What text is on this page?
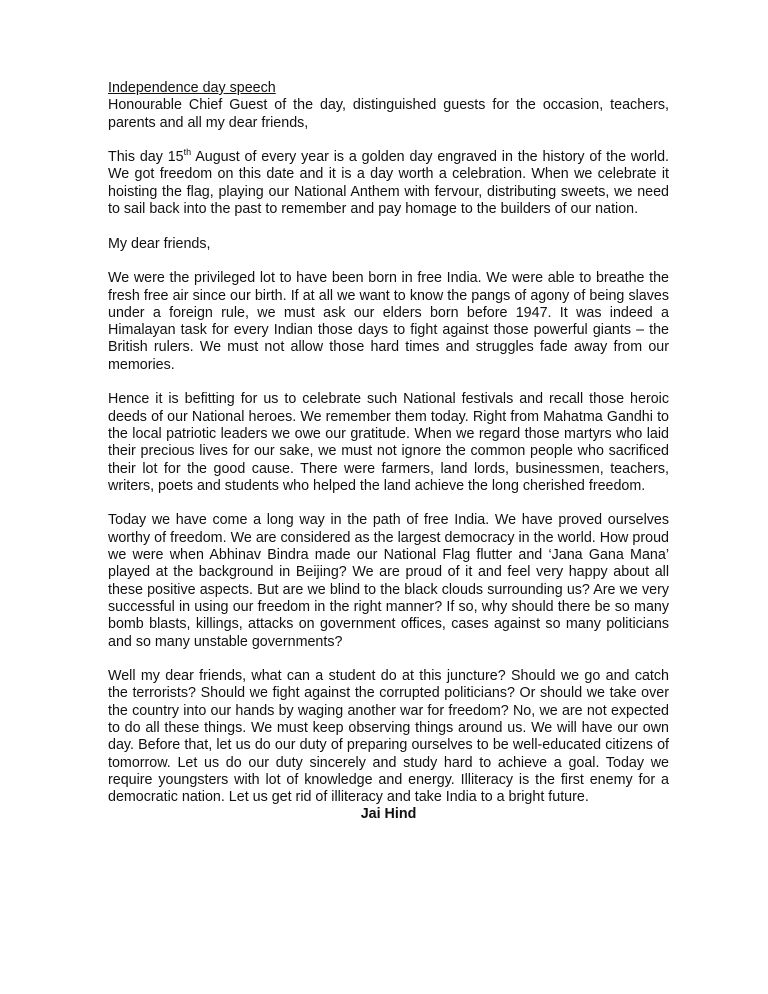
Independence day speech

Honourable Chief Guest of the day, distinguished guests for the occasion, teachers, parents and all my dear friends,

This day 15th August of every year is a golden day engraved in the history of the world. We got freedom on this date and it is a day worth a celebration. When we celebrate it hoisting the flag, playing our National Anthem with fervour, distributing sweets, we need to sail back into the past to remember and pay homage to the builders of our nation.

My dear friends,

We were the privileged lot to have been born in free India. We were able to breathe the fresh free air since our birth. If at all we want to know the pangs of agony of being slaves under a foreign rule, we must ask our elders born before 1947. It was indeed a Himalayan task for every Indian those days to fight against those powerful giants – the British rulers. We must not allow those hard times and struggles fade away from our memories.

Hence it is befitting for us to celebrate such National festivals and recall those heroic deeds of our National heroes. We remember them today. Right from Mahatma Gandhi to the local patriotic leaders we owe our gratitude. When we regard those martyrs who laid their precious lives for our sake, we must not ignore the common people who sacrificed their lot for the good cause. There were farmers, land lords, businessmen, teachers, writers, poets and students who helped the land achieve the long cherished freedom.

Today we have come a long way in the path of free India. We have proved ourselves worthy of freedom. We are considered as the largest democracy in the world. How proud we were when Abhinav Bindra made our National Flag flutter and ‘Jana Gana Mana’ played at the background in Beijing? We are proud of it and feel very happy about all these positive aspects. But are we blind to the black clouds surrounding us? Are we very successful in using our freedom in the right manner? If so, why should there be so many bomb blasts, killings, attacks on government offices, cases against so many politicians and so many unstable governments?

Well my dear friends, what can a student do at this juncture? Should we go and catch the terrorists? Should we fight against the corrupted politicians? Or should we take over the country into our hands by waging another war for freedom? No, we are not expected to do all these things. We must keep observing things around us. We will have our own day. Before that, let us do our duty of preparing ourselves to be well-educated citizens of tomorrow. Let us do our duty sincerely and study hard to achieve a goal. Today we require youngsters with lot of knowledge and energy. Illiteracy is the first enemy for a democratic nation. Let us get rid of illiteracy and take India to a bright future.

Jai Hind
